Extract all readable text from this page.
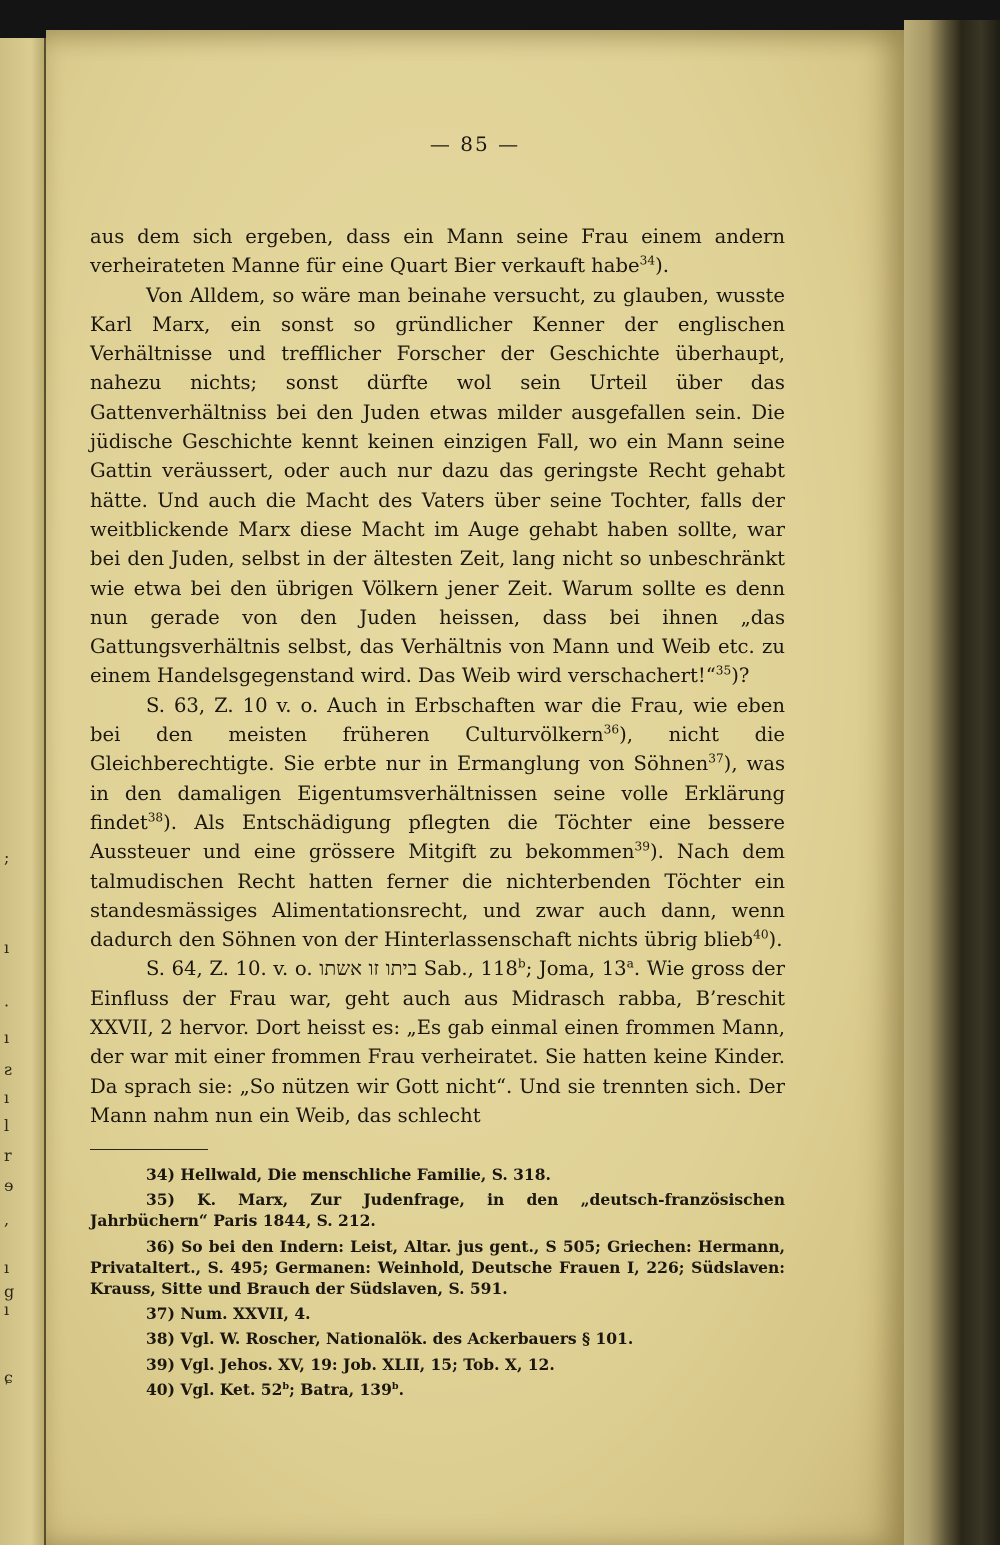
;
ı
·
ı
ƨ
ı
l
r
ɘ
,
ı
g
ı
ɕ
— 85 —

aus dem sich ergeben, dass ein Mann seine Frau einem andern verheirateten Manne für eine Quart Bier verkauft habe$^{34}$).

Von Alldem, so wäre man beinahe versucht, zu glauben, wusste Karl Marx, ein sonst so gründlicher Kenner der englischen Verhältnisse und trefflicher Forscher der Geschichte überhaupt, nahezu nichts; sonst dürfte wol sein Urteil über das Gattenverhältniss bei den Juden etwas milder ausgefallen sein. Die jüdische Geschichte kennt keinen einzigen Fall, wo ein Mann seine Gattin veräussert, oder auch nur dazu das geringste Recht gehabt hätte. Und auch die Macht des Vaters über seine Tochter, falls der weitblickende Marx diese Macht im Auge gehabt haben sollte, war bei den Juden, selbst in der ältesten Zeit, lang nicht so unbeschränkt wie etwa bei den übrigen Völkern jener Zeit. Warum sollte es denn nun gerade von den Juden heissen, dass bei ihnen „das Gattungsverhältnis selbst, das Verhältnis von Mann und Weib etc. zu einem Handelsgegenstand wird. Das Weib wird verschachert!“$^{35}$)?

S. 63, Z. 10 v. o. Auch in Erbschaften war die Frau, wie eben bei den meisten früheren Culturvölkern$^{36}$), nicht die Gleichberechtigte. Sie erbte nur in Ermanglung von Söhnen$^{37}$), was in den damaligen Eigentumsverhältnissen seine volle Erklärung findet$^{38}$). Als Entschädigung pflegten die Töchter eine bessere Aussteuer und eine grössere Mitgift zu bekommen$^{39}$). Nach dem talmudischen Recht hatten ferner die nichterbenden Töchter ein standesmässiges Alimentationsrecht, und zwar auch dann, wenn dadurch den Söhnen von der Hinterlassenschaft nichts übrig blieb$^{40}$).

S. 64, Z. 10. v. o. ביתו זו אשתו Sab., 118$^b$; Joma, 13$^a$. Wie gross der Einfluss der Frau war, geht auch aus Midrasch rabba, B’reschit XXVII, 2 hervor. Dort heisst es: „Es gab einmal einen frommen Mann, der war mit einer frommen Frau verheiratet. Sie hatten keine Kinder. Da sprach sie: „So nützen wir Gott nicht“. Und sie trennten sich. Der Mann nahm nun ein Weib, das schlecht

34) Hellwald, Die menschliche Familie, S. 318.

35) K. Marx, Zur Judenfrage, in den „deutsch-französischen Jahrbüchern“ Paris 1844, S. 212.

36) So bei den Indern: Leist, Altar. jus gent., S 505; Griechen: Hermann, Privataltert., S. 495; Germanen: Weinhold, Deutsche Frauen I, 226; Südslaven: Krauss, Sitte und Brauch der Südslaven, S. 591.

37) Num. XXVII, 4.

38) Vgl. W. Roscher, Nationalök. des Ackerbauers § 101.

39) Vgl. Jehos. XV, 19: Job. XLII, 15; Tob. X, 12.

40) Vgl. Ket. 52$^b$; Batra, 139$^b$.
